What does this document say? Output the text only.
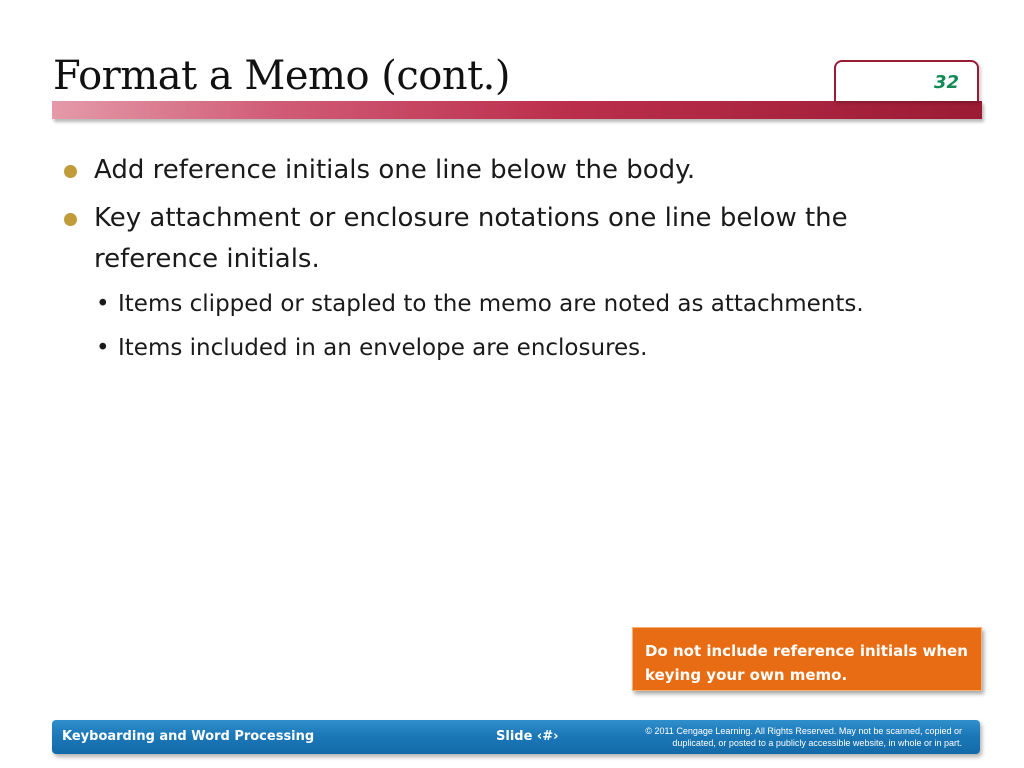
Format a Memo (cont.)	32
Add reference initials one line below the body.
Key attachment or enclosure notations one line below the reference initials.
• Items clipped or stapled to the memo are noted as attachments.
• Items included in an envelope are enclosures.
Do not include reference initials when keying your own memo.
Keyboarding and Word Processing	Slide ‹#›	© 2011 Cengage Learning. All Rights Reserved. May not be scanned, copied or
duplicated, or posted to a publicly accessible website, in whole or in part.
